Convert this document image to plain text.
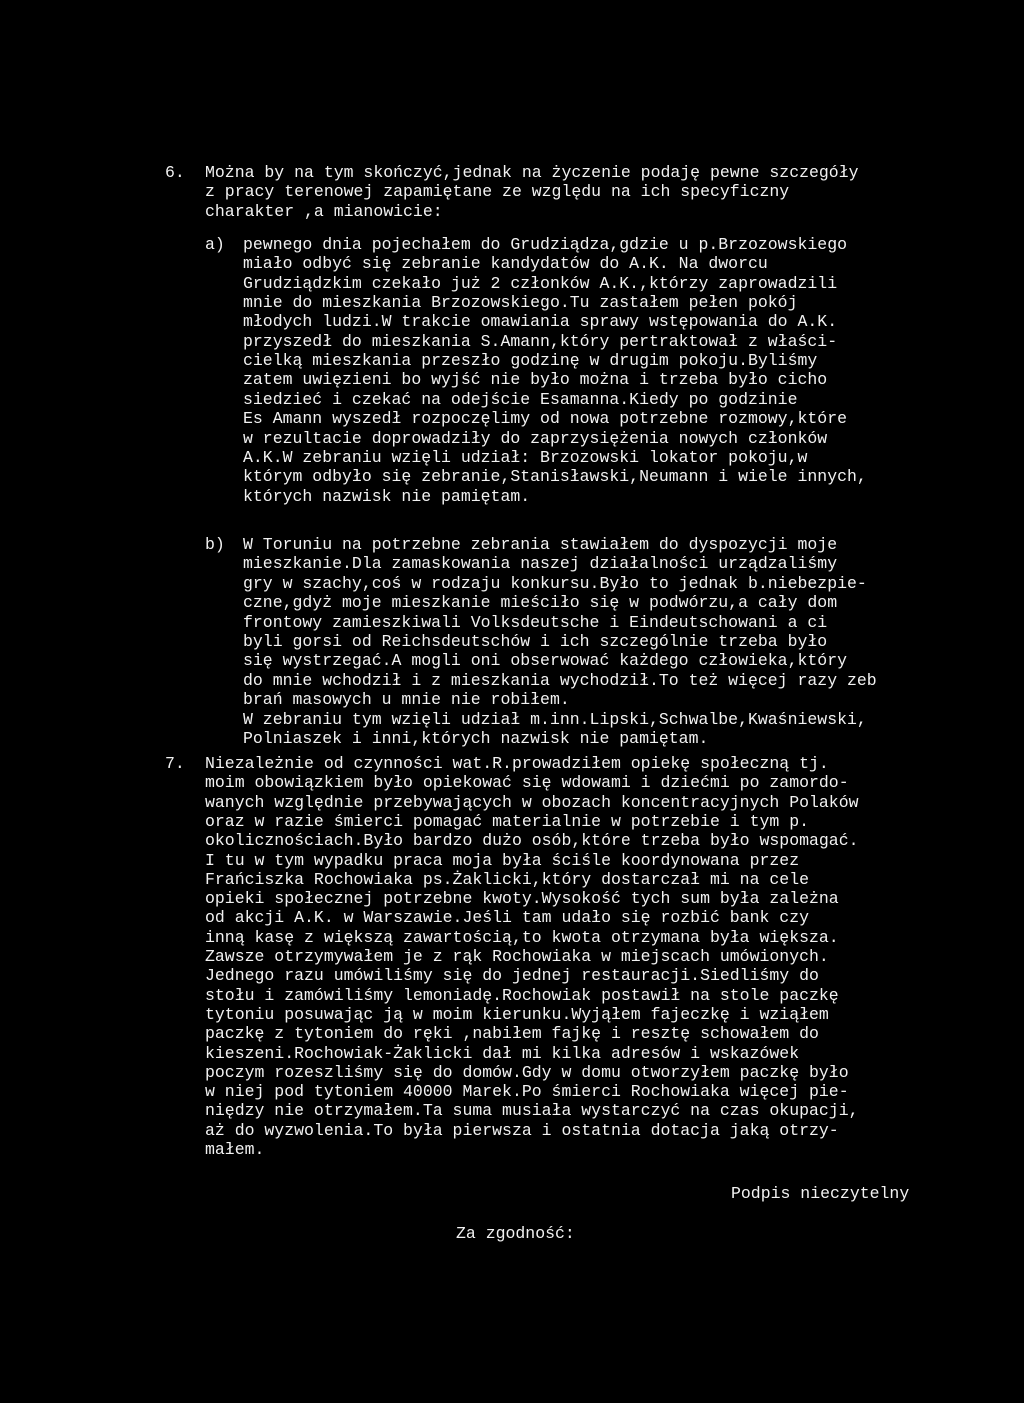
6. Można by na tym skończyć,jednak na życzenie podaję pewne szczegóły
z pracy terenowej zapamiętane ze względu na ich specyficzny
charakter ,a mianowicie:
a) pewnego dnia pojechałem do Grudziądza,gdzie u p.Brzozowskiego
miało odbyć się zebranie kandydatów do A.K. Na dworcu
Grudziądzkim czekało już 2 członków A.K.,którzy zaprowadzili
mnie do mieszkania Brzozowskiego.Tu zastałem pełen pokój
młodych ludzi.W trakcie omawiania sprawy wstępowania do A.K.
przyszedł do mieszkania S.Amann,który pertraktował z właści-
cielką mieszkania przeszło godzinę w drugim pokoju.Byliśmy
zatem uwięzieni bo wyjść nie było można i trzeba było cicho
siedzieć i czekać na odejście Esamanna.Kiedy po godzinie
Es Amann wyszedł rozpoczęlimy od nowa potrzebne rozmowy,które
w rezultacie doprowadziły do zaprzysiężenia nowych członków
A.K.W zebraniu wzięli udział: Brzozowski lokator pokoju,w
którym odbyło się zebranie,Stanisławski,Neumann i wiele innych,
których nazwisk nie pamiętam.
b) W Toruniu na potrzebne zebrania stawiałem do dyspozycji moje
mieszkanie.Dla zamaskowania naszej działalności urządzaliśmy
gry w szachy,coś w rodzaju konkursu.Było to jednak b.niebezpie-
czne,gdyż moje mieszkanie mieściło się w podwórzu,a cały dom
frontowy zamieszkiwali Volksdeutsche i Eindeutschowani a ci
byli gorsi od Reichsdeutschów i ich szczególnie trzeba było
się wystrzegać.A mogli oni obserwować każdego człowieka,który
do mnie wchodził i z mieszkania wychodził.To też więcej razy zeb
brań masowych u mnie nie robiłem.
W zebraniu tym wzięli udział m.inn.Lipski,Schwalbe,Kwaśniewski,
Polniaszek i inni,których nazwisk nie pamiętam.
7. Niezależnie od czynności wat.R.prowadziłem opiekę społeczną tj.
moim obowiązkiem było opiekować się wdowami i dziećmi po zamordo-
wanych względnie przebywających w obozach koncentracyjnych Polaków
oraz w razie śmierci pomagać materialnie w potrzebie i tym p.
okolicznościach.Było bardzo dużo osób,które trzeba było wspomagać.
I tu w tym wypadku praca moja była ściśle koordynowana przez
Frańciszka Rochowiaka ps.Żaklicki,który dostarczał mi na cele
opieki społecznej potrzebne kwoty.Wysokość tych sum była zależna
od akcji A.K. w Warszawie.Jeśli tam udało się rozbić bank czy
inną kasę z większą zawartością,to kwota otrzymana była większa.
Zawsze otrzymywałem je z rąk Rochowiaka w miejscach umówionych.
Jednego razu umówiliśmy się do jednej restauracji.Siedliśmy do
stołu i zamówiliśmy lemoniadę.Rochowiak postawił na stole paczkę
tytoniu posuwając ją w moim kierunku.Wyjąłem fajeczkę i wziąłem
paczkę z tytoniem do ręki ,nabiłem fajkę i resztę schowałem do
kieszeni.Rochowiak-Żaklicki dał mi kilka adresów i wskazówek
poczym rozeszliśmy się do domów.Gdy w domu otworzyłem paczkę było
w niej pod tytoniem 40000 Marek.Po śmierci Rochowiaka więcej pie-
niędzy nie otrzymałem.Ta suma musiała wystarczyć na czas okupacji,
aż do wyzwolenia.To była pierwsza i ostatnia dotacja jaką otrzy-
małem.
Podpis nieczytelny
Za zgodność:
